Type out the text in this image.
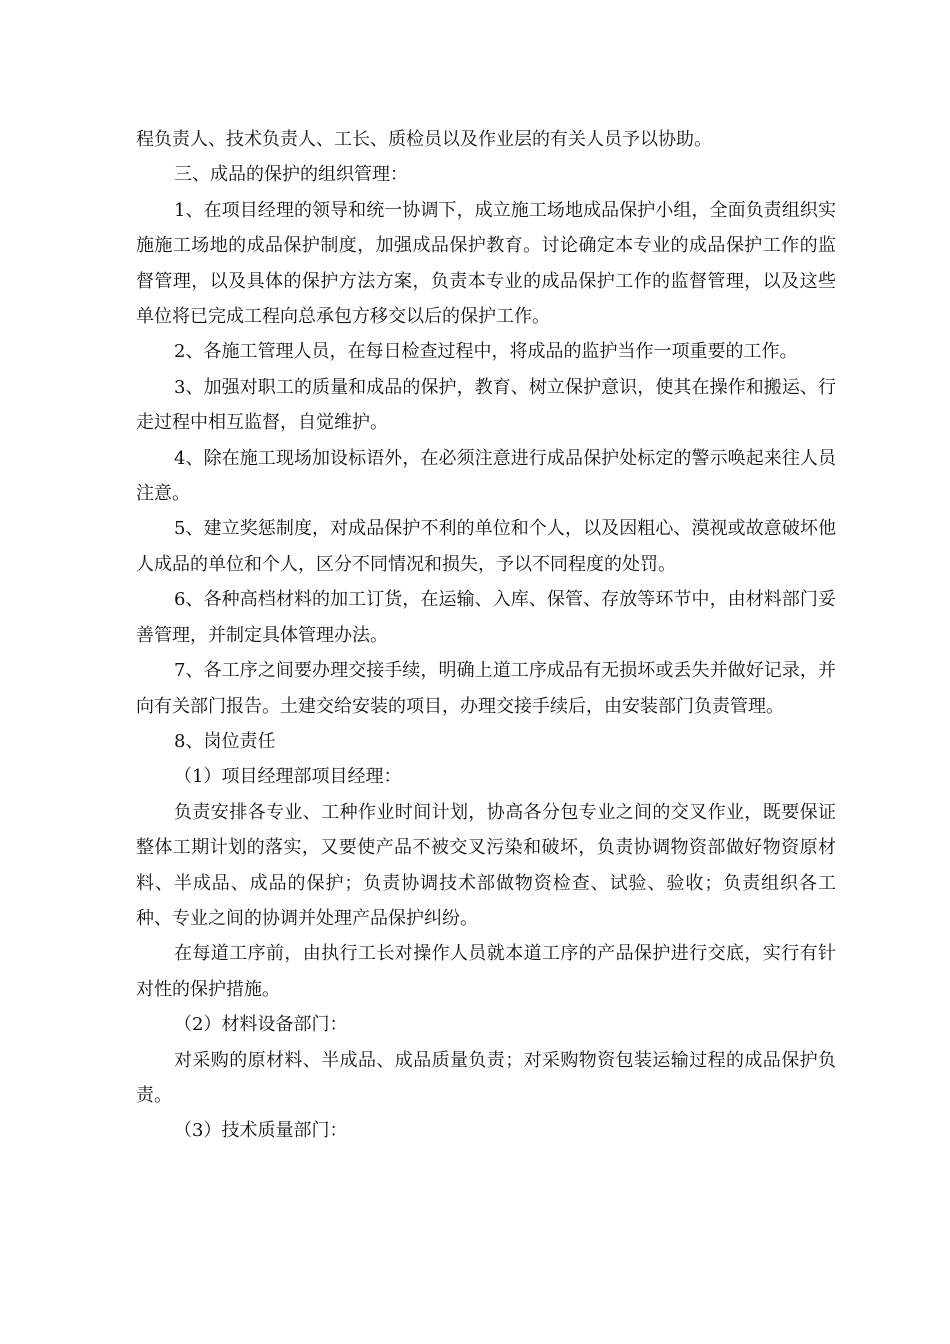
程负责人、技术负责人、工长、质检员以及作业层的有关人员予以协助。

三、成品的保护的组织管理：

1、在项目经理的领导和统一协调下，成立施工场地成品保护小组，全面负责组织实施施工场地的成品保护制度，加强成品保护教育。讨论确定本专业的成品保护工作的监督管理，以及具体的保护方法方案，负责本专业的成品保护工作的监督管理，以及这些单位将已完成工程向总承包方移交以后的保护工作。

2、各施工管理人员，在每日检查过程中，将成品的监护当作一项重要的工作。

3、加强对职工的质量和成品的保护，教育、树立保护意识，使其在操作和搬运、行走过程中相互监督，自觉维护。

4、除在施工现场加设标语外，在必须注意进行成品保护处标定的警示唤起来往人员注意。

5、建立奖惩制度，对成品保护不利的单位和个人，以及因粗心、漠视或故意破坏他人成品的单位和个人，区分不同情况和损失，予以不同程度的处罚。

6、各种高档材料的加工订货，在运输、入库、保管、存放等环节中，由材料部门妥善管理，并制定具体管理办法。

7、各工序之间要办理交接手续，明确上道工序成品有无损坏或丢失并做好记录，并向有关部门报告。土建交给安装的项目，办理交接手续后，由安装部门负责管理。

8、岗位责任

（1）项目经理部项目经理：

负责安排各专业、工种作业时间计划，协高各分包专业之间的交叉作业，既要保证整体工期计划的落实，又要使产品不被交叉污染和破坏，负责协调物资部做好物资原材料、半成品、成品的保护；负责协调技术部做物资检查、试验、验收；负责组织各工种、专业之间的协调并处理产品保护纠纷。

在每道工序前，由执行工长对操作人员就本道工序的产品保护进行交底，实行有针对性的保护措施。

（2）材料设备部门：

对采购的原材料、半成品、成品质量负责；对采购物资包装运输过程的成品保护负责。

（3）技术质量部门：
